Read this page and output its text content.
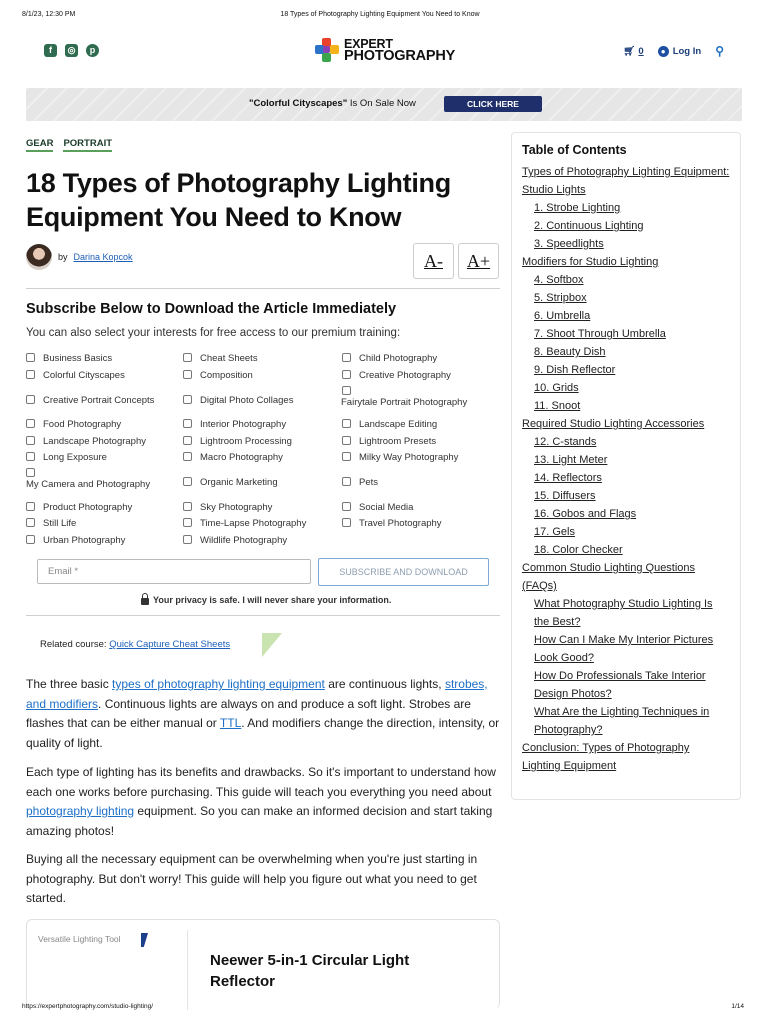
8/1/23, 12:30 PM	18 Types of Photography Lighting Equipment You Need to Know
f	◎	p	EXPERT
PHOTOGRAPHY	🛒︎ 0	● Log In ⚲
"Colorful Cityscapes" Is On Sale Now	CLICK HERE
GEAR PORTRAIT
18 Types of Photography Lighting Equipment You Need to Know
by Darina Kopcok	A-	A+
Subscribe Below to Download the Article Immediately

You can also select your interests for free access to our premium training:

Business Basics	Cheat Sheets	Child Photography
Colorful Cityscapes	Composition	Creative Photography
Creative Portrait Concepts	Digital Photo Collages	Fairytale Portrait Photography
Food Photography	Interior Photography	Landscape Editing
Landscape Photography	Lightroom Processing	Lightroom Presets
Long Exposure	Macro Photography	Milky Way Photography

My Camera and Photography	Organic Marketing	Pets
Product Photography	Sky Photography	Social Media
Still Life	Time-Lapse Photography	Travel Photography
Urban Photography	Wildlife Photography
Email *	SUBSCRIBE AND DOWNLOAD
Your privacy is safe. I will never share your information.
Related course: Quick Capture Cheat Sheets

The three basic types of photography lighting equipment are continuous lights, strobes, and modifiers. Continuous lights are always on and produce a soft light. Strobes are flashes that can be either manual or TTL. And modifiers change the direction, intensity, or quality of light.

Each type of lighting has its benefits and drawbacks. So it's important to understand how each one works before purchasing. This guide will teach you everything you need about photography lighting equipment. So you can make an informed decision and start taking amazing photos!

Buying all the necessary equipment can be overwhelming when you're just starting in photography. But don't worry! This guide will help you figure out what you need to get started.

Versatile Lighting Tool
Neewer 5-in-1 Circular Light Reflector
Table of Contents
Types of Photography Lighting Equipment: Studio Lights
1. Strobe Lighting
2. Continuous Lighting
3. Speedlights
Modifiers for Studio Lighting
4. Softbox
5. Stripbox
6. Umbrella
7. Shoot Through Umbrella
8. Beauty Dish
9. Dish Reflector
10. Grids
11. Snoot
Required Studio Lighting Accessories
12. C-stands
13. Light Meter
14. Reflectors
15. Diffusers
16. Gobos and Flags
17. Gels
18. Color Checker
Common Studio Lighting Questions (FAQs)
What Photography Studio Lighting Is the Best?
How Can I Make My Interior Pictures Look Good?
How Do Professionals Take Interior Design Photos?
What Are the Lighting Techniques in Photography?
Conclusion: Types of Photography Lighting Equipment
https://expertphotography.com/studio-lighting/	1/14
